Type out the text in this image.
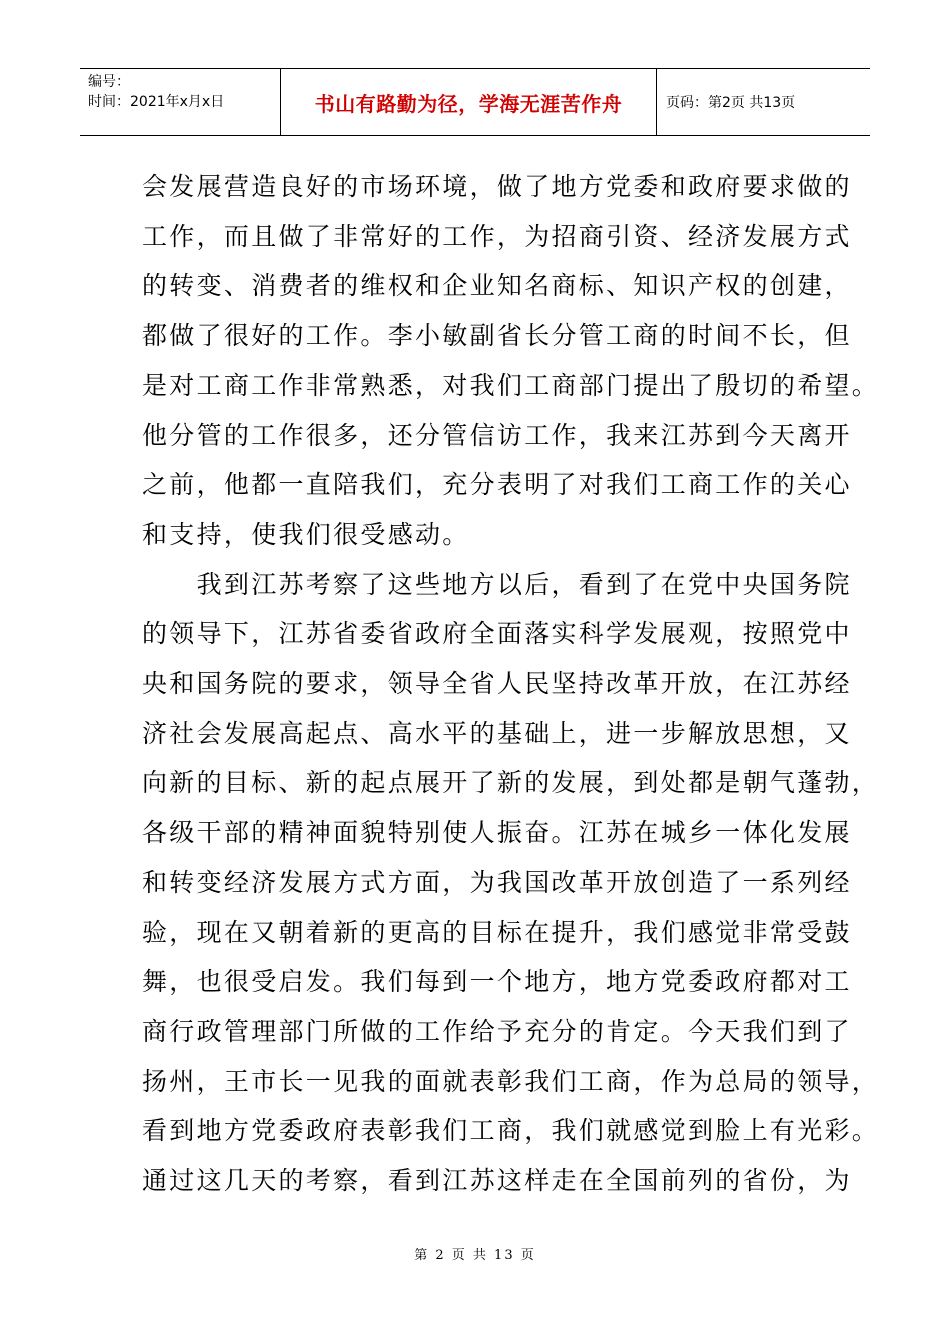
编号：
时间：2021年x月x日	书山有路勤为径，学海无涯苦作舟	页码：第2页 共13页
会发展营造良好的市场环境，做了地方党委和政府要求做的
工作，而且做了非常好的工作，为招商引资、经济发展方式
的转变、消费者的维权和企业知名商标、知识产权的创建，
都做了很好的工作。李小敏副省长分管工商的时间不长，但
是对工商工作非常熟悉，对我们工商部门提出了殷切的希望。
他分管的工作很多，还分管信访工作，我来江苏到今天离开
之前，他都一直陪我们，充分表明了对我们工商工作的关心
和支持，使我们很受感动。
　　我到江苏考察了这些地方以后，看到了在党中央国务院
的领导下，江苏省委省政府全面落实科学发展观，按照党中
央和国务院的要求，领导全省人民坚持改革开放，在江苏经
济社会发展高起点、高水平的基础上，进一步解放思想，又
向新的目标、新的起点展开了新的发展，到处都是朝气蓬勃，
各级干部的精神面貌特别使人振奋。江苏在城乡一体化发展
和转变经济发展方式方面，为我国改革开放创造了一系列经
验，现在又朝着新的更高的目标在提升，我们感觉非常受鼓
舞，也很受启发。我们每到一个地方，地方党委政府都对工
商行政管理部门所做的工作给予充分的肯定。今天我们到了
扬州，王市长一见我的面就表彰我们工商，作为总局的领导，
看到地方党委政府表彰我们工商，我们就感觉到脸上有光彩。
通过这几天的考察，看到江苏这样走在全国前列的省份，为
第 2 页 共 13 页
